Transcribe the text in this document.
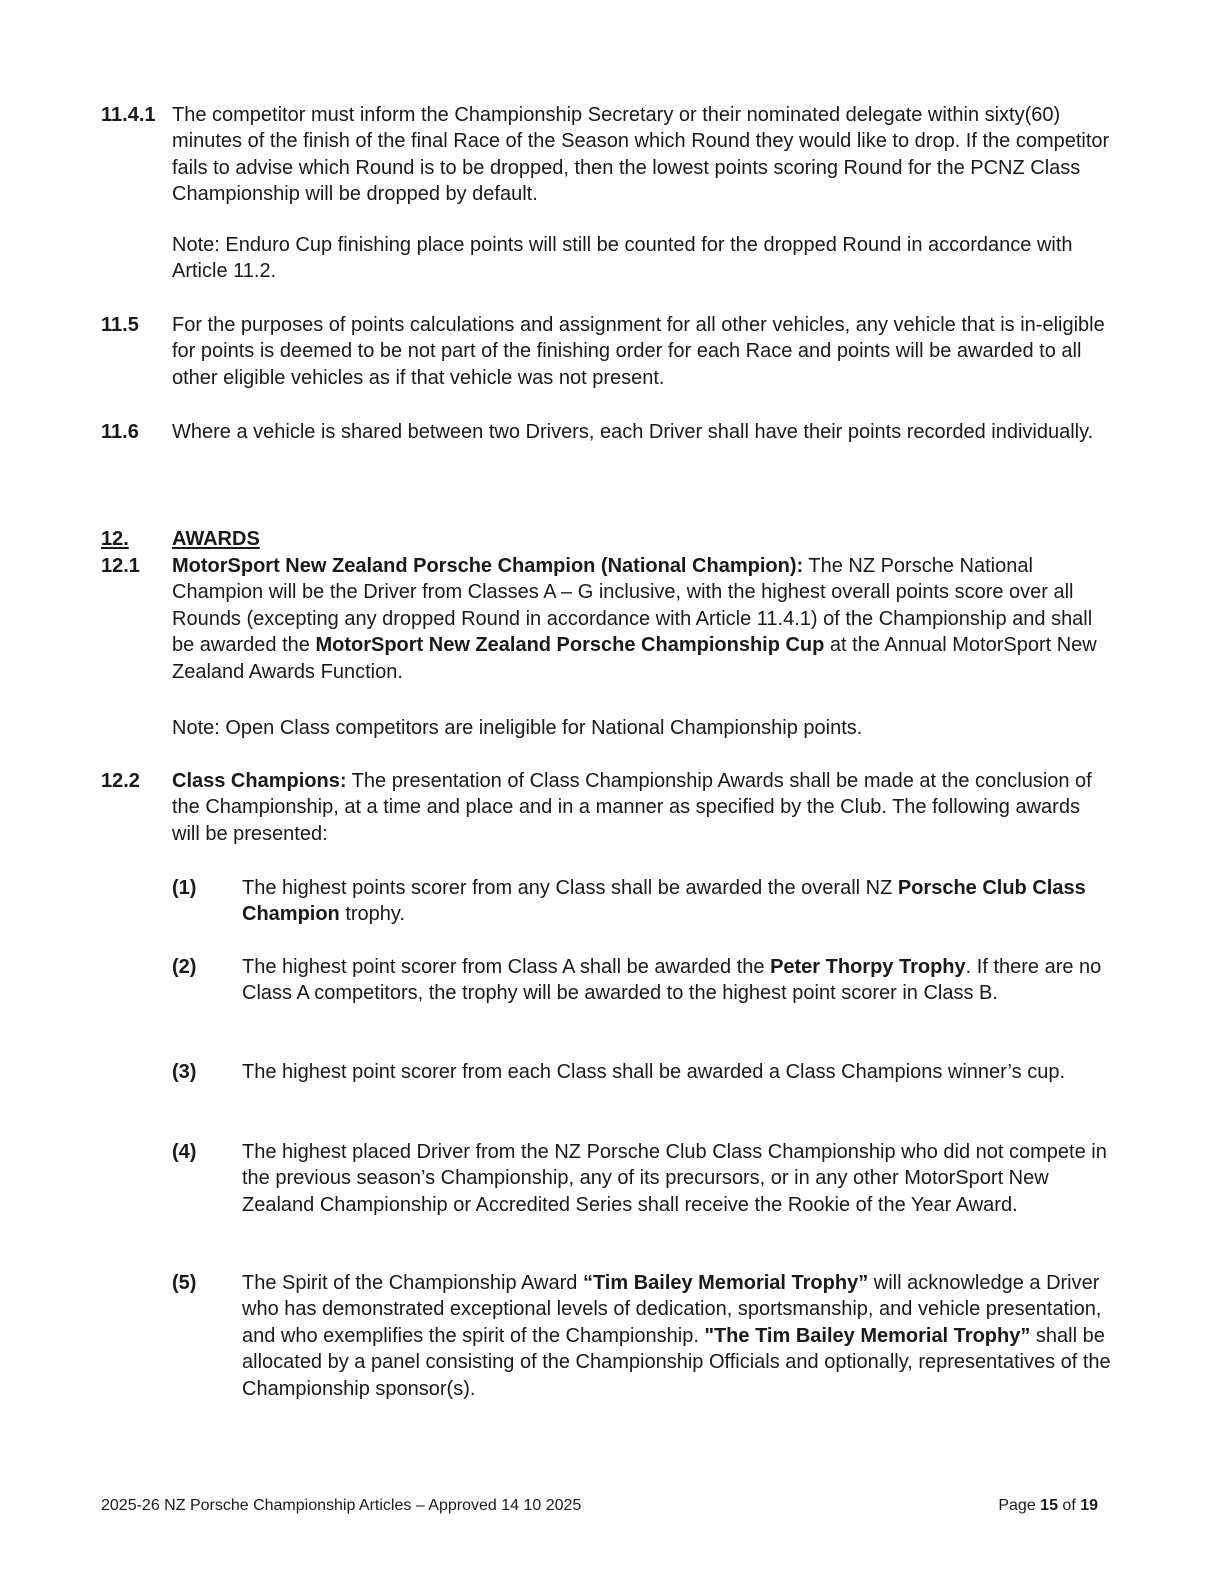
11.4.1 The competitor must inform the Championship Secretary or their nominated delegate within sixty(60) minutes of the finish of the final Race of the Season which Round they would like to drop. If the competitor fails to advise which Round is to be dropped, then the lowest points scoring Round for the PCNZ Class Championship will be dropped by default.
Note: Enduro Cup finishing place points will still be counted for the dropped Round in accordance with Article 11.2.
11.5 For the purposes of points calculations and assignment for all other vehicles, any vehicle that is in-eligible for points is deemed to be not part of the finishing order for each Race and points will be awarded to all other eligible vehicles as if that vehicle was not present.
11.6 Where a vehicle is shared between two Drivers, each Driver shall have their points recorded individually.
12. AWARDS
12.1 MotorSport New Zealand Porsche Champion (National Champion): The NZ Porsche National Champion will be the Driver from Classes A – G inclusive, with the highest overall points score over all Rounds (excepting any dropped Round in accordance with Article 11.4.1) of the Championship and shall be awarded the MotorSport New Zealand Porsche Championship Cup at the Annual MotorSport New Zealand Awards Function.
Note: Open Class competitors are ineligible for National Championship points.
12.2 Class Champions: The presentation of Class Championship Awards shall be made at the conclusion of the Championship, at a time and place and in a manner as specified by the Club. The following awards will be presented:
(1) The highest points scorer from any Class shall be awarded the overall NZ Porsche Club Class Champion trophy.
(2) The highest point scorer from Class A shall be awarded the Peter Thorpy Trophy. If there are no Class A competitors, the trophy will be awarded to the highest point scorer in Class B.
(3) The highest point scorer from each Class shall be awarded a Class Champions winner’s cup.
(4) The highest placed Driver from the NZ Porsche Club Class Championship who did not compete in the previous season’s Championship, any of its precursors, or in any other MotorSport New Zealand Championship or Accredited Series shall receive the Rookie of the Year Award.
(5) The Spirit of the Championship Award “Tim Bailey Memorial Trophy” will acknowledge a Driver who has demonstrated exceptional levels of dedication, sportsmanship, and vehicle presentation, and who exemplifies the spirit of the Championship. "The Tim Bailey Memorial Trophy” shall be allocated by a panel consisting of the Championship Officials and optionally, representatives of the Championship sponsor(s).
2025-26 NZ Porsche Championship Articles – Approved 14 10 2025	Page 15 of 19
